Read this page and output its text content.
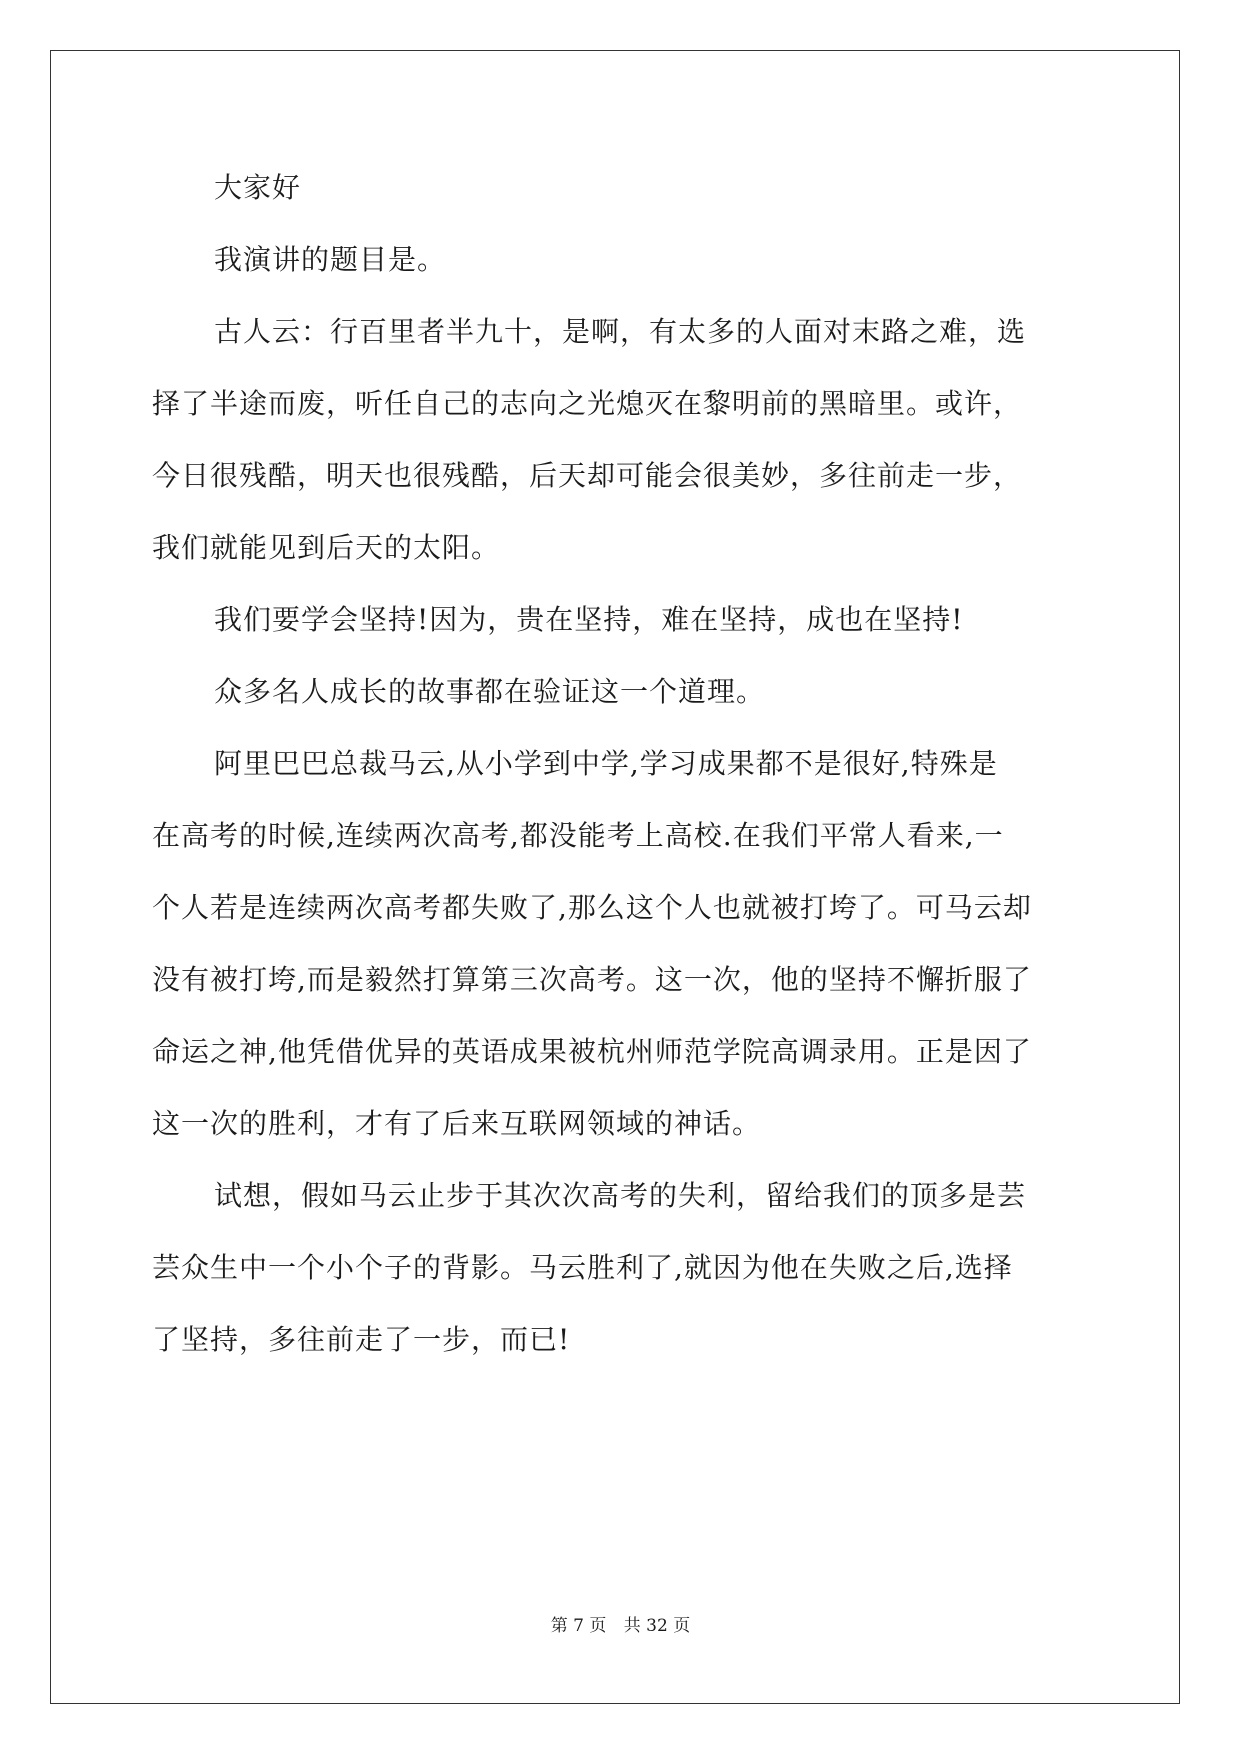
大家好
我演讲的题目是。
古人云：行百里者半九十，是啊，有太多的人面对末路之难，选
择了半途而废，听任自己的志向之光熄灭在黎明前的黑暗里。或许，
今日很残酷，明天也很残酷，后天却可能会很美妙，多往前走一步，
我们就能见到后天的太阳。
我们要学会坚持!因为，贵在坚持，难在坚持，成也在坚持!
众多名人成长的故事都在验证这一个道理。
阿里巴巴总裁马云,从小学到中学,学习成果都不是很好,特殊是
在高考的时候,连续两次高考,都没能考上高校.在我们平常人看来,一
个人若是连续两次高考都失败了,那么这个人也就被打垮了。可马云却
没有被打垮,而是毅然打算第三次高考。这一次，他的坚持不懈折服了
命运之神,他凭借优异的英语成果被杭州师范学院高调录用。正是因了
这一次的胜利，才有了后来互联网领域的神话。
试想，假如马云止步于其次次高考的失利，留给我们的顶多是芸
芸众生中一个小个子的背影。马云胜利了,就因为他在失败之后,选择
了坚持，多往前走了一步，而已!
第 7 页 共 32 页
